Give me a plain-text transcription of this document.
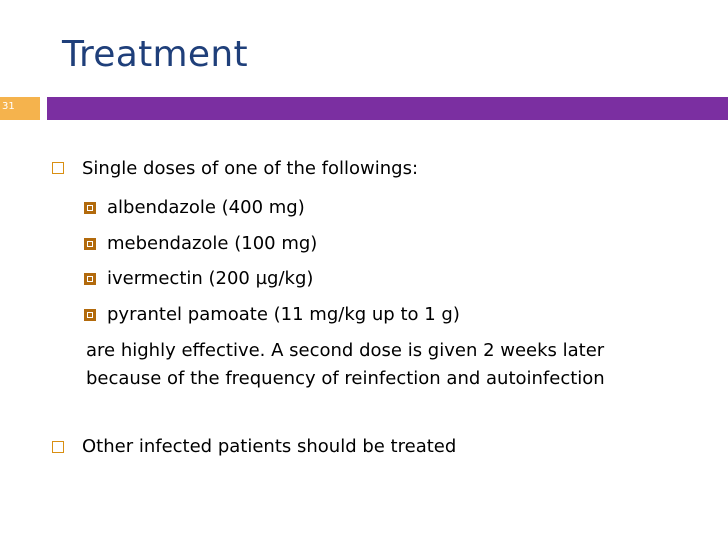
Treatment
31
Single doses of one of the followings:
albendazole (400 mg)
mebendazole (100 mg)
ivermectin (200 µg/kg)
pyrantel pamoate (11 mg/kg up to 1 g)
are highly effective. A second dose is given 2 weeks later
because of the frequency of reinfection and autoinfection
Other infected patients should be treated
